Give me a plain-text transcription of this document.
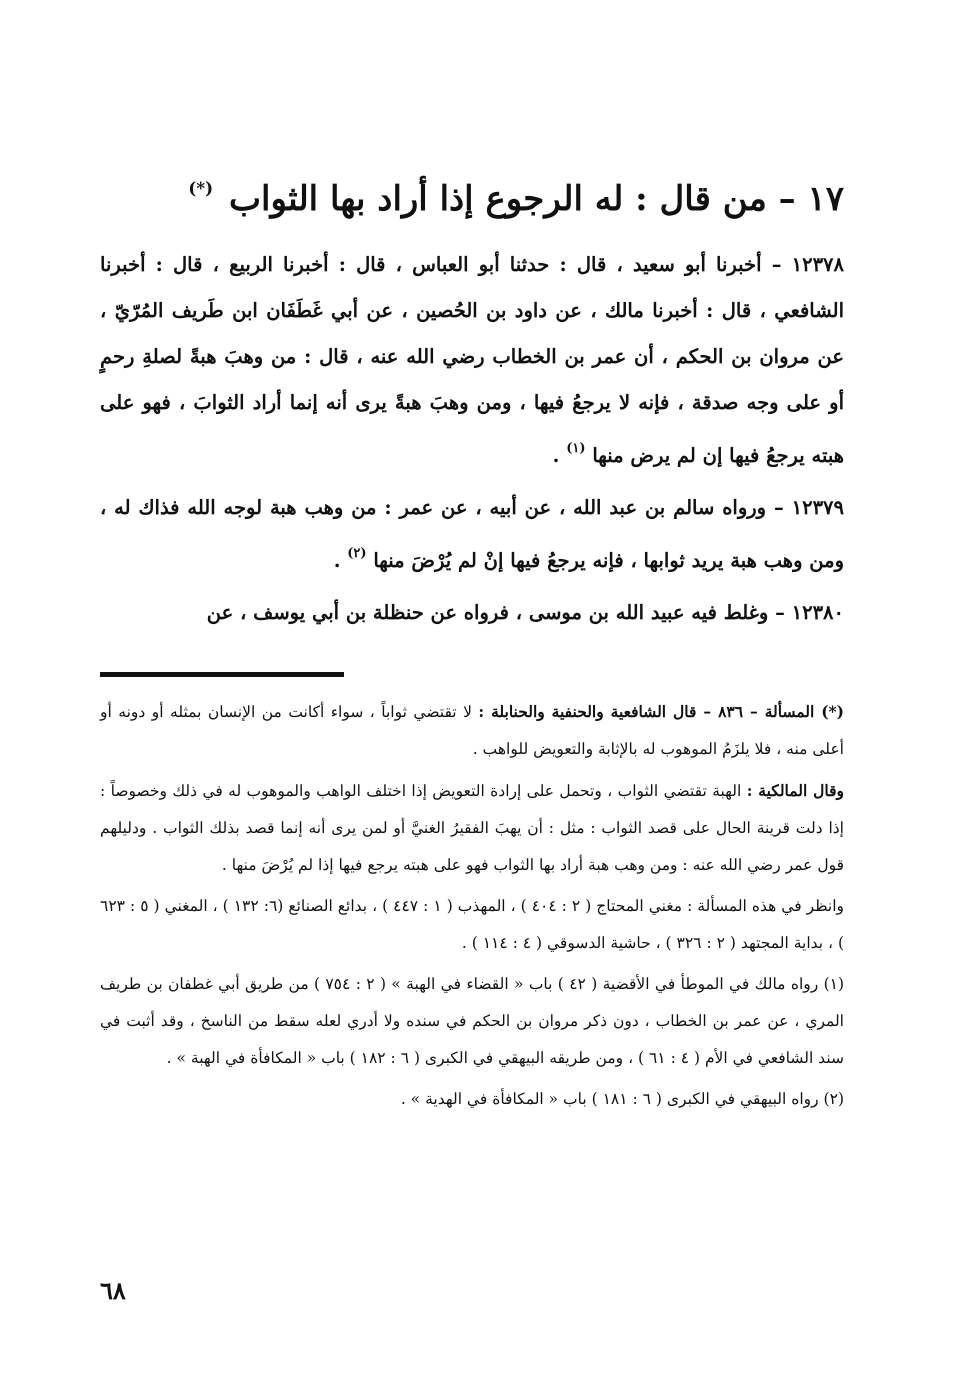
١٧ – من قال : له الرجوع إذا أراد بها الثواب (*)

١٢٣٧٨ – أخبرنا أبو سعيد ، قال : حدثنا أبو العباس ، قال : أخبرنا الربيع ، قال : أخبرنا الشافعي ، قال : أخبرنا مالك ، عن داود بن الحُصين ، عن أبي غَطَفَان ابن طَريف المُرّيّ ، عن مروان بن الحكم ، أن عمر بن الخطاب رضي الله عنه ، قال : من وهبَ هبةً لصلةِ رحمٍ أو على وجه صدقة ، فإنه لا يرجعُ فيها ، ومن وهبَ هبةً يرى أنه إنما أراد الثوابَ ، فهو على هبته يرجعُ فيها إن لم يرض منها $^{(١)}$ .

١٢٣٧٩ – ورواه سالم بن عبد الله ، عن أبيه ، عن عمر : من وهب هبة لوجه الله فذاك له ، ومن وهب هبة يريد ثوابها ، فإنه يرجعُ فيها إنْ لم يُرْضَ منها $^{(٢)}$ .

١٢٣٨٠ – وغلط فيه عبيد الله بن موسى ، فرواه عن حنظلة بن أبي يوسف ، عن

(*) المسألة – ٨٣٦ – قال الشافعية والحنفية والحنابلة : لا تقتضي ثواباً ، سواء أكانت من الإنسان بمثله أو دونه أو أعلى منه ، فلا يلزَمُ الموهوب له بالإثابة والتعويض للواهب .

وقال المالكية : الهبة تقتضي الثواب ، وتحمل على إرادة التعويض إذا اختلف الواهب والموهوب له في ذلك وخصوصاً : إذا دلت قرينة الحال على قصد الثواب : مثل : أن يهبَ الفقيرُ الغنيَّ أو لمن يرى أنه إنما قصد بذلك الثواب . ودليلهم قول عمر رضي الله عنه : ومن وهب هبة أراد بها الثواب فهو على هبته يرجع فيها إذا لم يُرْضَ منها .

وانظر في هذه المسألة : مغني المحتاج ( ٢ : ٤٠٤ ) ، المهذب ( ١ : ٤٤٧ ) ، بدائع الصنائع (٦: ١٣٢ ) ، المغني ( ٥ : ٦٢٣ ) ، بداية المجتهد ( ٢ : ٣٢٦ ) ، حاشية الدسوقي ( ٤ : ١١٤ ) .

(١) رواه مالك في الموطأ في الأقضية ( ٤٢ ) باب « القضاء في الهبة » ( ٢ : ٧٥٤ ) من طريق أبي غطفان بن طريف المري ، عن عمر بن الخطاب ، دون ذكر مروان بن الحكم في سنده ولا أدري لعله سقط من الناسخ ، وقد أثبت في سند الشافعي في الأم ( ٤ : ٦١ ) ، ومن طريقه البيهقي في الكبرى ( ٦ : ١٨٢ ) باب « المكافأة في الهبة » .

(٢) رواه البيهقي في الكبرى ( ٦ : ١٨١ ) باب « المكافأة في الهدية » .

٦٨
